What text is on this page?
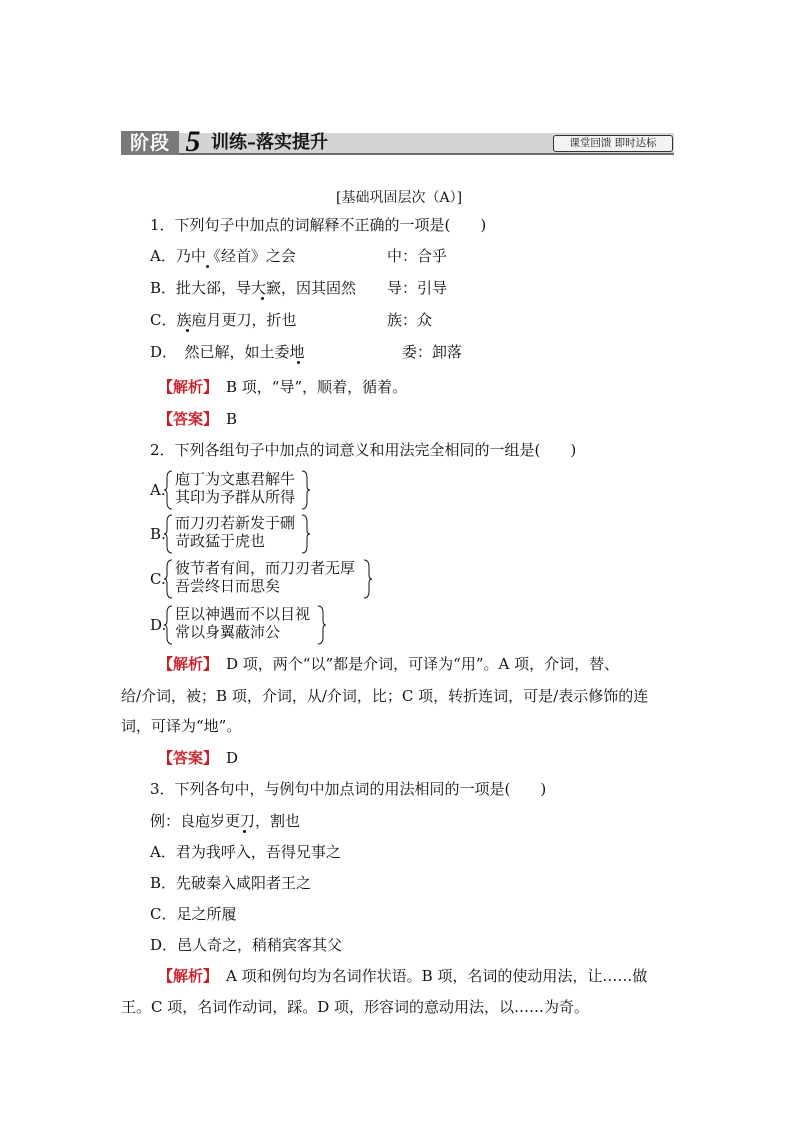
阶段 5 训练–落实提升	课堂回馈 即时达标
[基础巩固层次（A）]
1．下列句子中加点的词解释不正确的一项是(　　)
A．乃中《经首》之会	中：合乎
B．批大郤，导大窾，因其固然 导：引导
C．族庖月更刀，折也	族：众
D．　然已解，如土委地	委：卸落
【解析】 B 项，“导”，顺着，循着。
【答案】 B
2．下列各组句子中加点的词意义和用法完全相同的一组是(　　)
A.
庖丁为文惠君解牛
其印为予群从所得
B.
而刀刃若新发于硎
苛政猛于虎也
C.
彼节者有间，而刀刃者无厚
吾尝终日而思矣
D.
臣以神遇而不以目视
常以身翼蔽沛公
【解析】 D 项，两个“以”都是介词，可译为“用”。A 项，介词，替、
给/介词，被；B 项，介词，从/介词，比；C 项，转折连词，可是/表示修饰的连
词，可译为“地”。
【答案】 D
3．下列各句中，与例句中加点词的用法相同的一项是(　　)
例：良庖岁更刀，割也
A．君为我呼入，吾得兄事之
B．先破秦入咸阳者王之
C．足之所履
D．邑人奇之，稍稍宾客其父
【解析】 A 项和例句均为名词作状语。B 项，名词的使动用法，让……做
王。C 项，名词作动词，踩。D 项，形容词的意动用法，以……为奇。
